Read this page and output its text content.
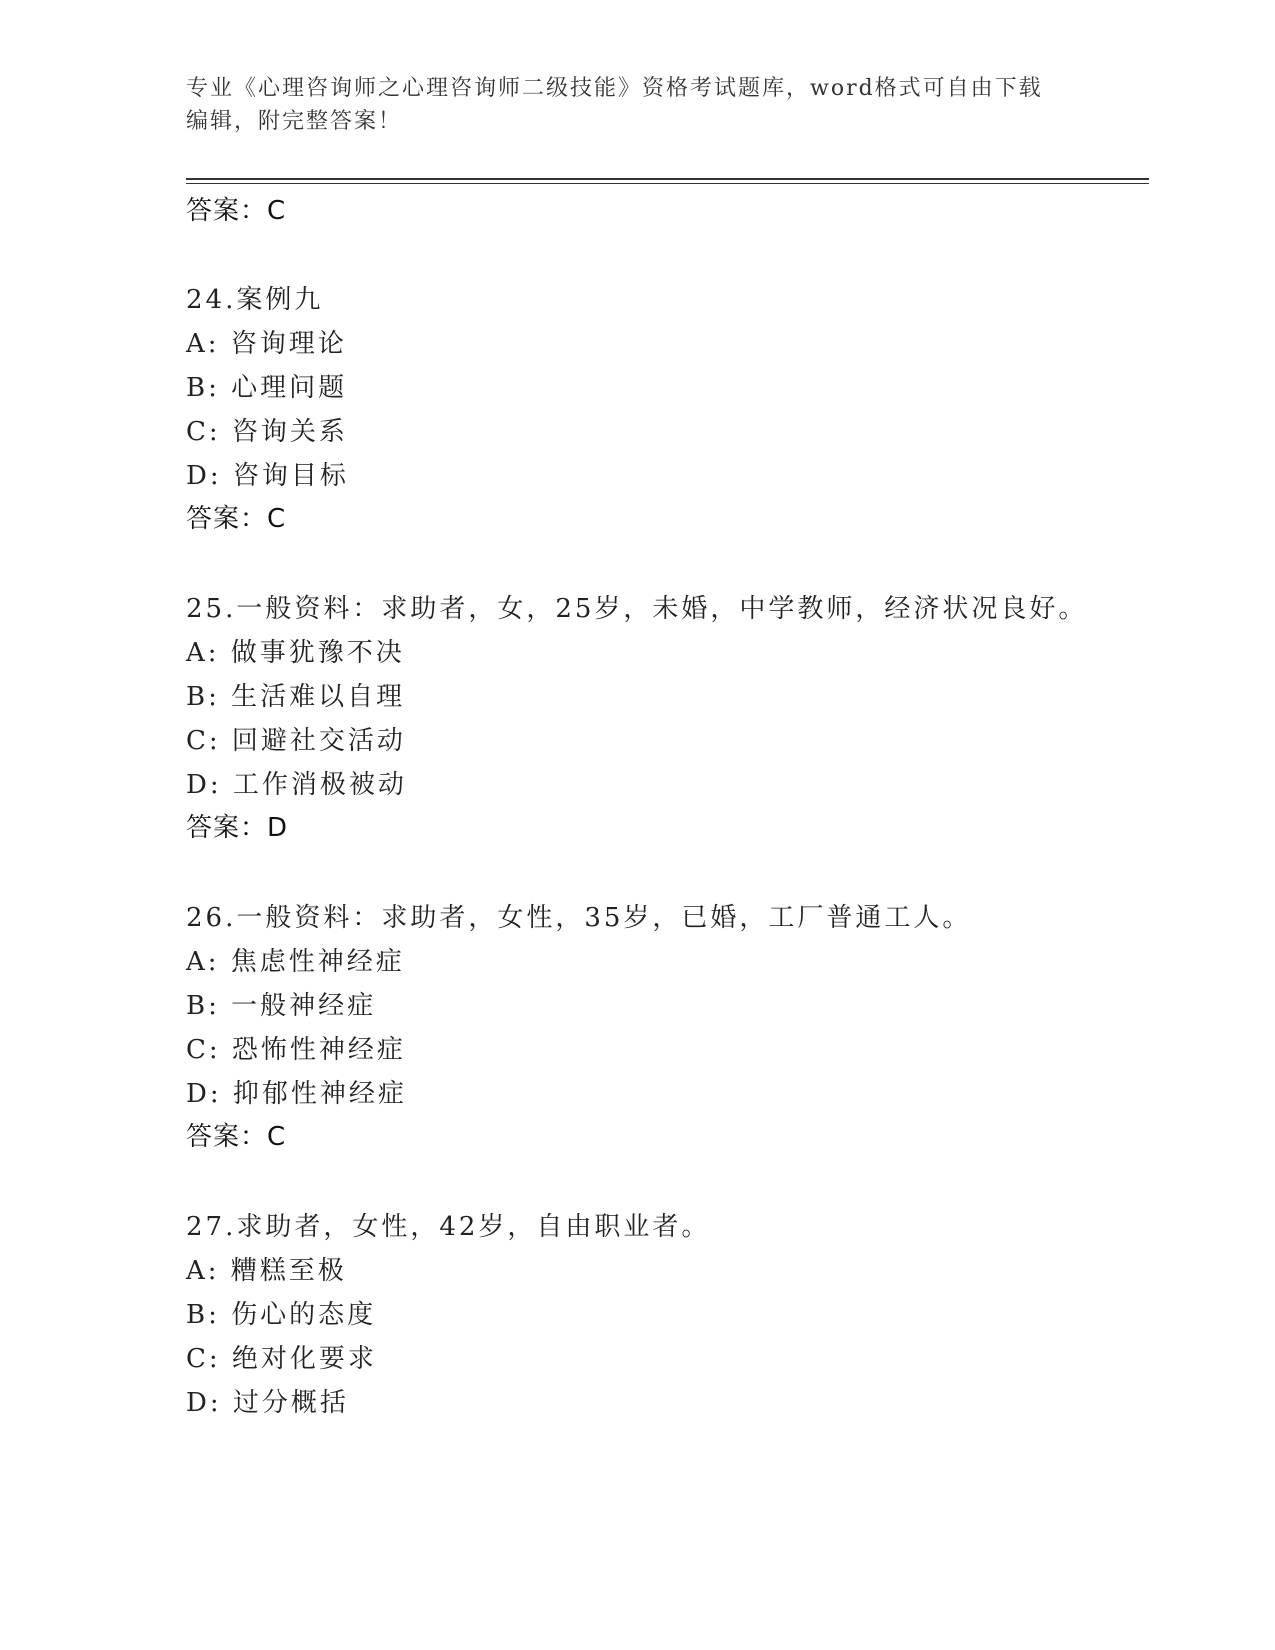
专业《心理咨询师之心理咨询师二级技能》资格考试题库，word格式可自由下载
编辑，附完整答案！
答案：C
24.案例九
A: 咨询理论
B: 心理问题
C: 咨询关系
D: 咨询目标
答案：C
25.一般资料：求助者，女，25岁，未婚，中学教师，经济状况良好。
A: 做事犹豫不决
B: 生活难以自理
C: 回避社交活动
D: 工作消极被动
答案：D
26.一般资料：求助者，女性，35岁，已婚，工厂普通工人。
A: 焦虑性神经症
B: 一般神经症
C: 恐怖性神经症
D: 抑郁性神经症
答案：C
27.求助者，女性，42岁，自由职业者。
A: 糟糕至极
B: 伤心的态度
C: 绝对化要求
D: 过分概括
